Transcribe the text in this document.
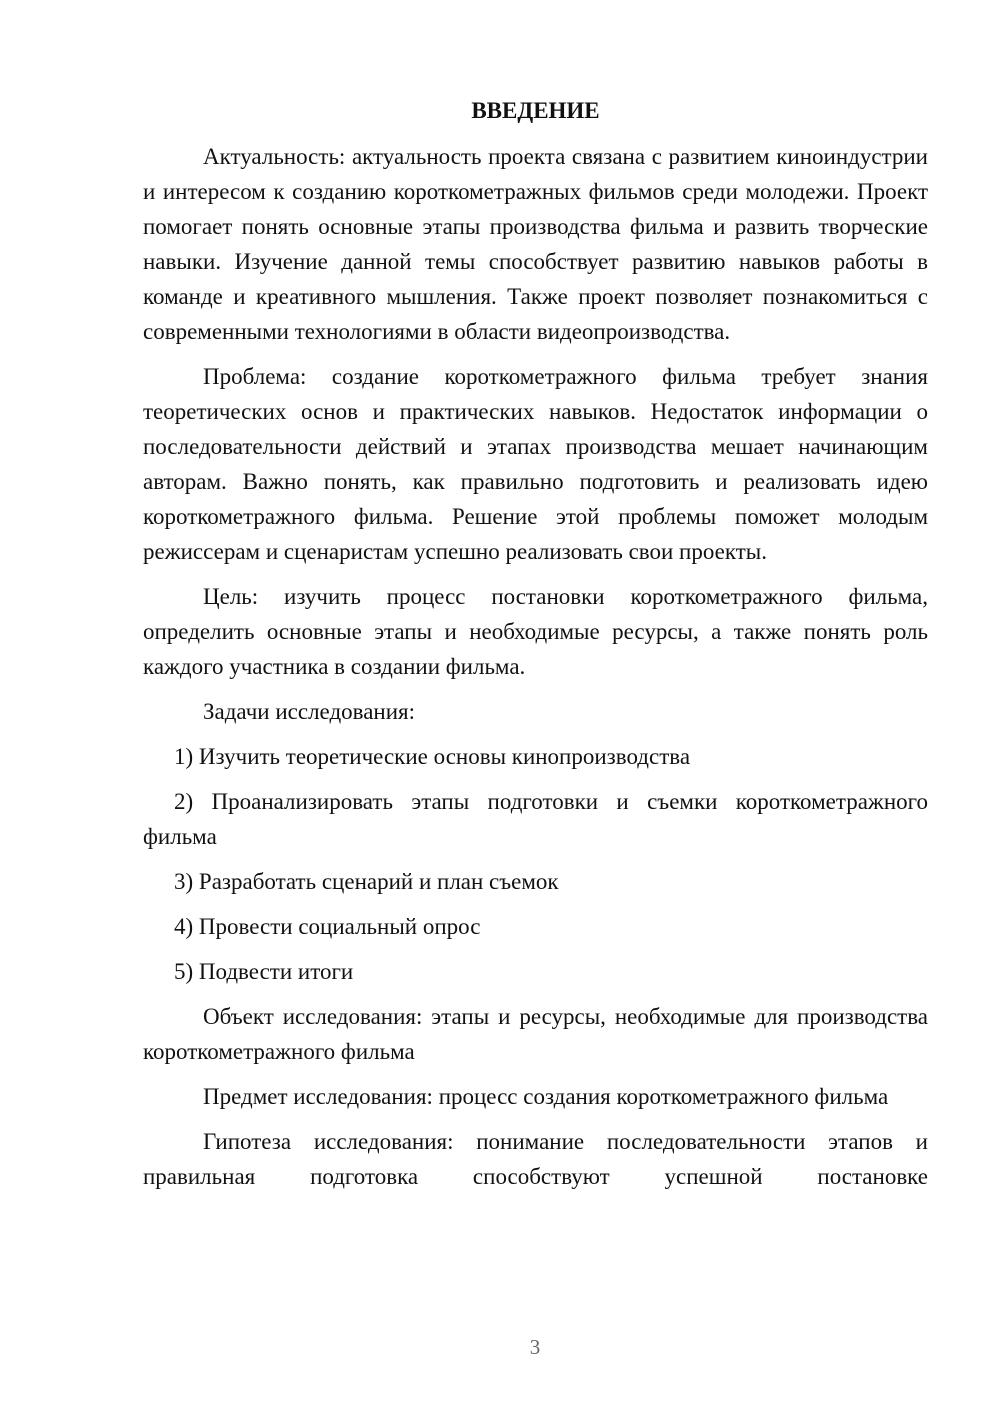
ВВЕДЕНИЕ

Актуальность: актуальность проекта связана с развитием киноиндустрии и интересом к созданию короткометражных фильмов среди молодежи. Проект помогает понять основные этапы производства фильма и развить творческие навыки. Изучение данной темы способствует развитию навыков работы в команде и креативного мышления. Также проект позволяет познакомиться с современными технологиями в области видеопроизводства.

Проблема: создание короткометражного фильма требует знания теоретических основ и практических навыков. Недостаток информации о последовательности действий и этапах производства мешает начинающим авторам. Важно понять, как правильно подготовить и реализовать идею короткометражного фильма. Решение этой проблемы поможет молодым режиссерам и сценаристам успешно реализовать свои проекты.

Цель: изучить процесс постановки короткометражного фильма, определить основные этапы и необходимые ресурсы, а также понять роль каждого участника в создании фильма.

Задачи исследования:

1) Изучить теоретические основы кинопроизводства

2) Проанализировать этапы подготовки и съемки короткометражного фильма

3) Разработать сценарий и план съемок

4) Провести социальный опрос

5) Подвести итоги

Объект исследования: этапы и ресурсы, необходимые для производства короткометражного фильма

Предмет исследования: процесс создания короткометражного фильма

Гипотеза исследования: понимание последовательности этапов и правильная подготовка способствуют успешной постановке

3
